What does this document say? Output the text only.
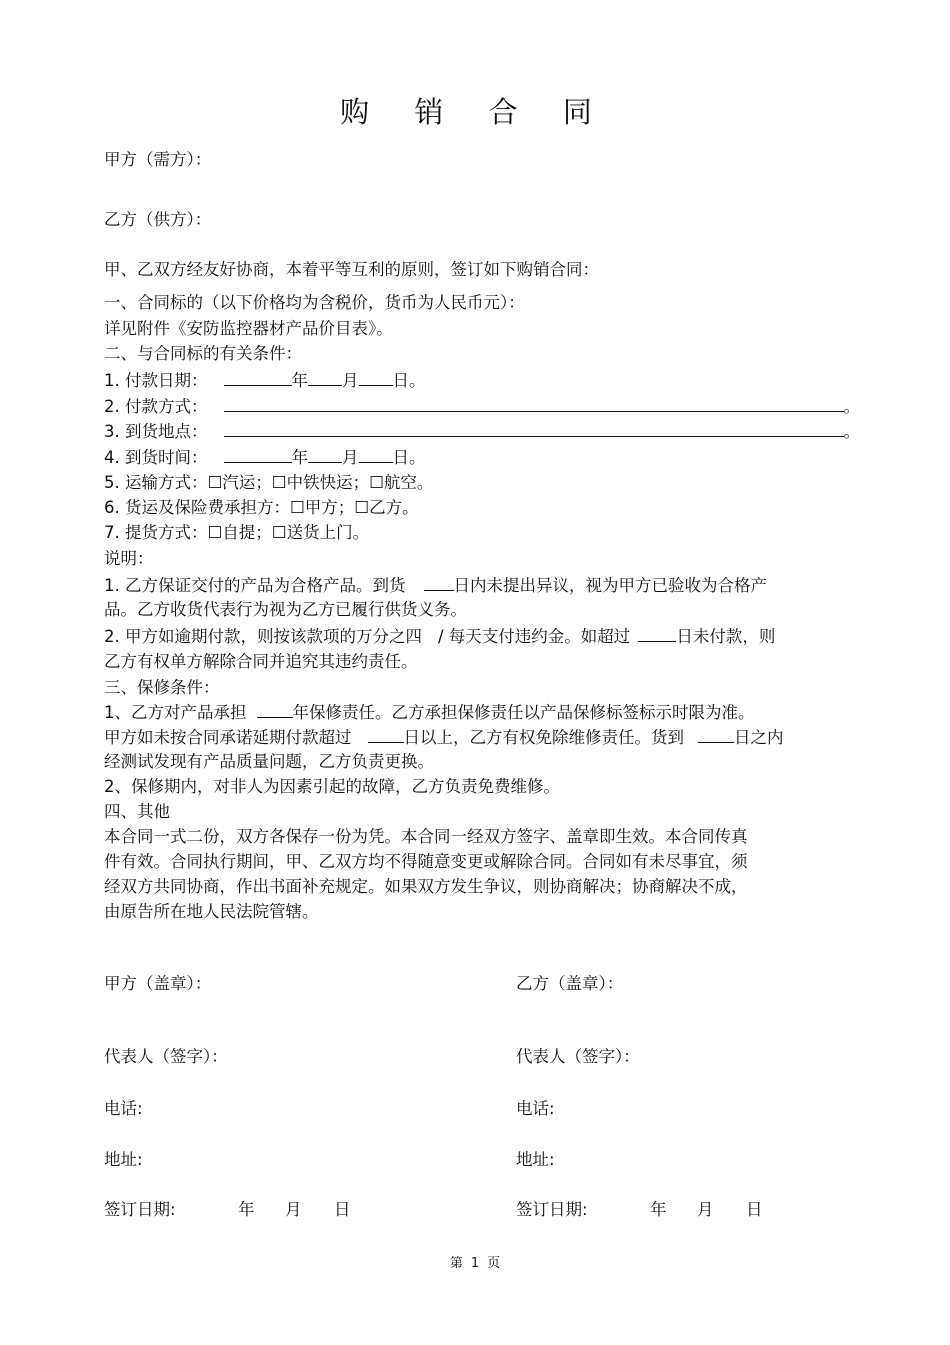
购 销 合 同
甲方（需方）：
乙方（供方）：
甲、乙双方经友好协商，本着平等互利的原则，签订如下购销合同：
一、合同标的（以下价格均为含税价，货币为人民币元）：
详见附件《安防监控器材产品价目表》。
二、与合同标的有关条件：
1. 付款日期：	年 月 日。
2. 付款方式：	。
3. 到货地点：	。
4. 到货时间：	年 月 日。
5. 运输方式：☐汽运；☐中铁快运；☐航空。
6. 货运及保险费承担方：☐甲方；☐乙方。
7. 提货方式：☐自提；☐送货上门。
说明：
1. 乙方保证交付的产品为合格产品。到货	日内未提出异议，视为甲方已验收为合格产
品。乙方收货代表行为视为乙方已履行供货义务。
2. 甲方如逾期付款，则按该款项的万分之四 / 每天支付违约金。如超过	日未付款，则
乙方有权单方解除合同并追究其违约责任。
三、保修条件：
1、乙方对产品承担	年保修责任。乙方承担保修责任以产品保修标签标示时限为准。
甲方如未按合同承诺延期付款超过	日以上，乙方有权免除维修责任。货到	日之内
经测试发现有产品质量问题，乙方负责更换。
2、保修期内，对非人为因素引起的故障，乙方负责免费维修。
四、其他
本合同一式二份，双方各保存一份为凭。本合同一经双方签字、盖章即生效。本合同传真
件有效。合同执行期间，甲、乙双方均不得随意变更或解除合同。合同如有未尽事宜，须
经双方共同协商，作出书面补充规定。如果双方发生争议，则协商解决；协商解决不成，
由原告所在地人民法院管辖。
甲方（盖章）：	乙方（盖章）：
代表人（签字）：	代表人（签字）：
电话:	电话:
地址:	地址:
签订日期:	年 月 日	签订日期:	年 月 日
第 1 页
